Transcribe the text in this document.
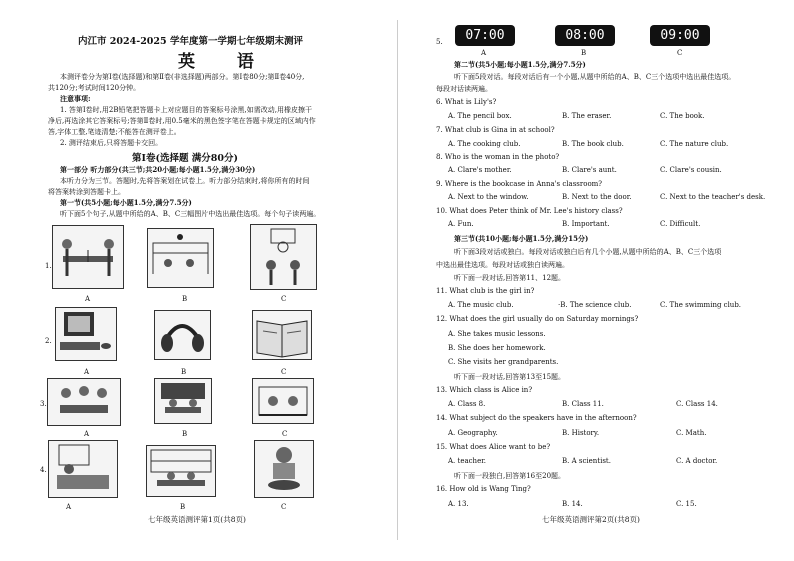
内江市 2024-2025 学年度第一学期七年级期末测评
英 语
本测评卷分为第Ⅰ卷(选择题)和第Ⅱ卷(非选择题)两部分。第Ⅰ卷80分;第Ⅱ卷40分,
共120分;考试时间120分钟。
注意事项:
1. 答第Ⅰ卷时,用2B铅笔把答题卡上对应题目的答案标号涂黑,如需改动,用橡皮擦干
净后,再选涂其它答案标号;答第Ⅱ卷时,用0.5毫米的黑色签字笔在答题卡规定的区域内作
答,字体工整,笔迹清楚;不能答在测评卷上。
2. 测评结束后,只将答题卡交回。
第Ⅰ卷(选择题 满分80分)
第一部分 听力部分(共三节;共20小题;每小题1.5分,满分30分)
本听力分为三节。答题时,先将答案划在试卷上。听力部分结束时,将你所有的时间
将答案转涂到答题卡上。
第一节(共5小题;每小题1.5分,满分7.5分)
听下面5个句子,从题中所给的A、B、C三幅图片中选出最佳选项。每个句子读两遍。
1.
A	B	C
2.
A	B	C
3.
A	B	C
4.
A	B	C
七年级英语测评第1页(共8页)
5.	07:00	08:00	09:00
A	B	C
第二节(共5小题;每小题1.5分,满分7.5分)
听下面5段对话。每段对话后有一个小题,从题中所给的A、B、C三个选项中选出最佳选项。
每段对话读两遍。
6. What is Lily's?
A. The pencil box.	B. The eraser.	C. The book.
7. What club is Gina in at school?
A. The cooking club.	B. The book club.	C. The nature club.
8. Who is the woman in the photo?
A. Clare's mother.	B. Clare's aunt.	C. Clare's cousin.
9. Where is the bookcase in Anna's classroom?
A. Next to the window.	B. Next to the door.	C. Next to the teacher's desk.
10. What does Peter think of Mr. Lee's history class?
A. Fun.	B. Important.	C. Difficult.
第三节(共10小题;每小题1.5分,满分15分)
听下面3段对话或独白。每段对话或独白后有几个小题,从题中所给的A、B、C三个选项
中选出最佳选项。每段对话或独白读两遍。
听下面一段对话,回答第11、12题。
11. What club is the girl in?
A. The music club.	·B. The science club.	C. The swimming club.
12. What does the girl usually do on Saturday mornings?
A. She takes music lessons.
B. She does her homework.
C. She visits her grandparents.
听下面一段对话,回答第13至15题。
13. Which class is Alice in?
A. Class 8.	B. Class 11.	C. Class 14.
14. What subject do the speakers have in the afternoon?
A. Geography.	B. History.	C. Math.
15. What does Alice want to be?
A. teacher.	B. A scientist.	C. A doctor.
听下面一段独白,回答第16至20题。
16. How old is Wang Ting?
A. 13.	B. 14.	C. 15.
七年级英语测评第2页(共8页)
